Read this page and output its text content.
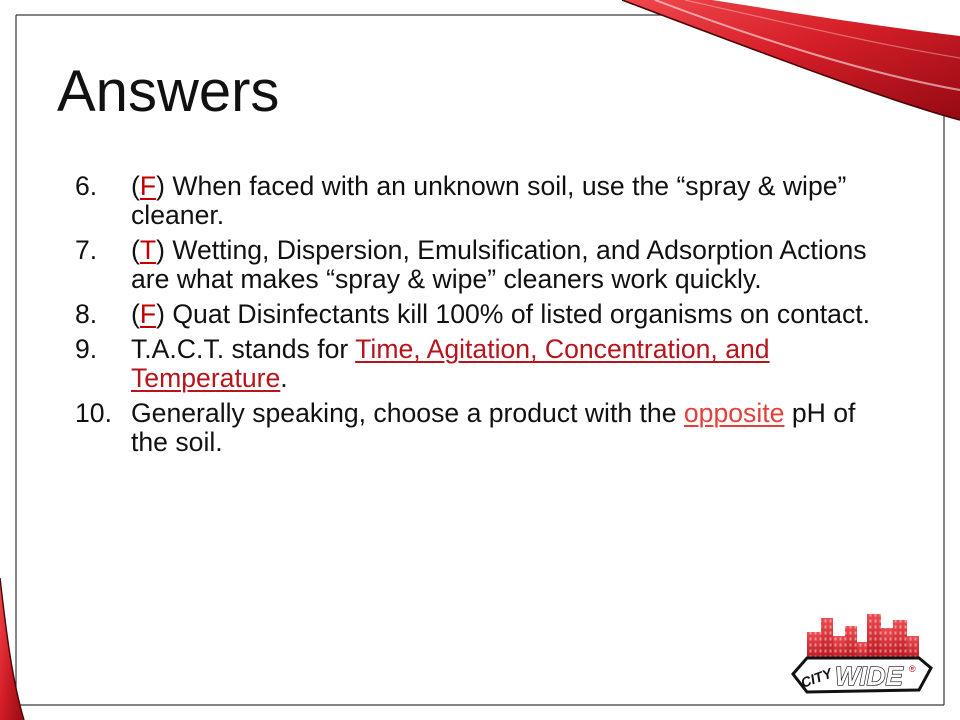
CITY WIDE ®
Answers
6.	(F) When faced with an unknown soil, use the “spray & wipe” cleaner.
7.	(T) Wetting, Dispersion, Emulsification, and Adsorption Actions are what makes “spray & wipe” cleaners work quickly.
8.	(F) Quat Disinfectants kill 100% of listed organisms on contact.
9.	T.A.C.T. stands for Time, Agitation, Concentration, and Temperature.
10. Generally speaking, choose a product with the opposite pH of the soil.
